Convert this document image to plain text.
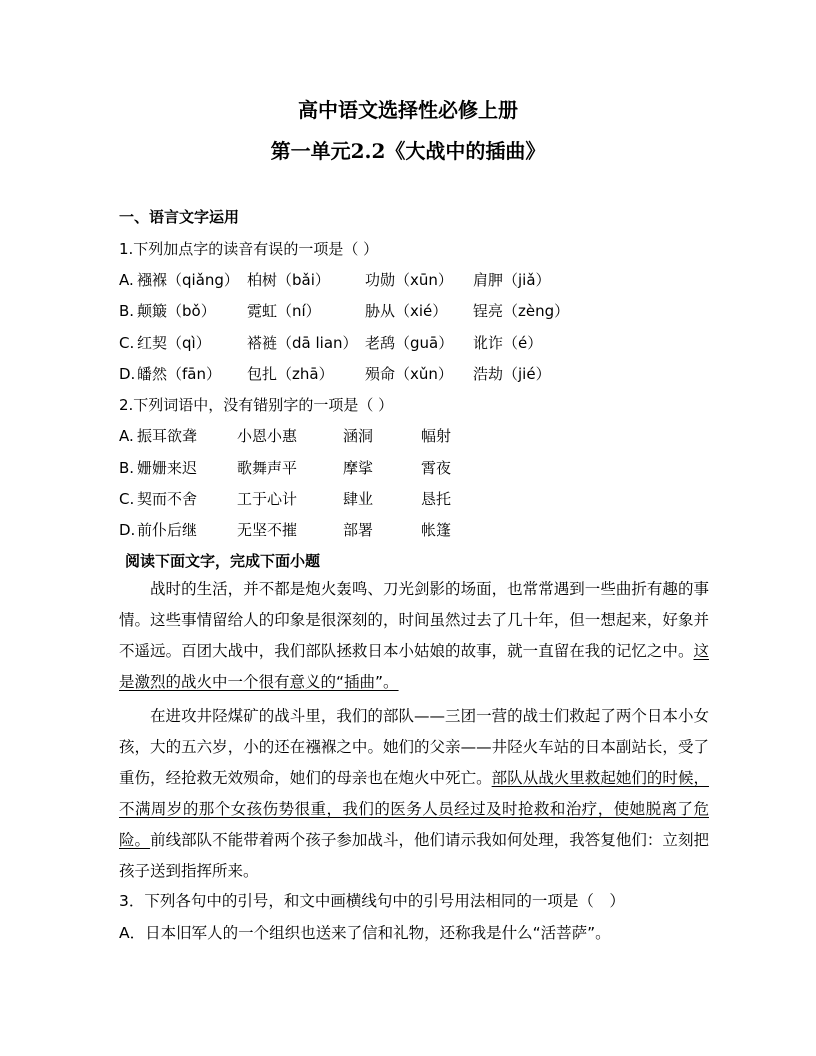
高中语文选择性必修上册
第一单元2.2《大战中的插曲》
一、语言文字运用
1.下列加点字的读音有误的一项是（ ）
A. 襁褓（qiǎng） 柏树（bǎi） 功勋（xūn） 肩胛（jiǎ）
B. 颠簸（bǒ） 霓虹（ní）	胁从（xié） 锃亮（zèng）
C. 红契（qì） 褡裢（dā lian） 老鸹（guā） 讹诈（é）
D. 皤然（fān） 包扎（zhā） 殒命（xǔn） 浩劫（jié）
2.下列词语中，没有错别字的一项是（ ）
A. 振耳欲聋	小恩小惠	涵洞	幅射
B. 姗姗来迟	歌舞声平	摩挲	霄夜
C. 契而不舍	工于心计	肆业	恳托
D. 前仆后继	无坚不摧	部署	帐篷
阅读下面文字，完成下面小题
战时的生活，并不都是炮火轰鸣、刀光剑影的场面，也常常遇到一些曲折有趣的事情。这些事情留给人的印象是很深刻的，时间虽然过去了几十年，但一想起来，好象并不遥远。百团大战中，我们部队拯救日本小姑娘的故事，就一直留在我的记忆之中。这是激烈的战火中一个很有意义的“插曲”。
在进攻井陉煤矿的战斗里，我们的部队——三团一营的战士们救起了两个日本小女孩，大的五六岁，小的还在襁褓之中。她们的父亲——井陉火车站的日本副站长，受了重伤，经抢救无效殒命，她们的母亲也在炮火中死亡。部队从战火里救起她们的时候，不满周岁的那个女孩伤势很重，我们的医务人员经过及时抢救和治疗，使她脱离了危险。前线部队不能带着两个孩子参加战斗，他们请示我如何处理，我答复他们：立刻把孩子送到指挥所来。
3．下列各句中的引号，和文中画横线句中的引号用法相同的一项是（　）
A．日本旧军人的一个组织也送来了信和礼物，还称我是什么“活菩萨”。
